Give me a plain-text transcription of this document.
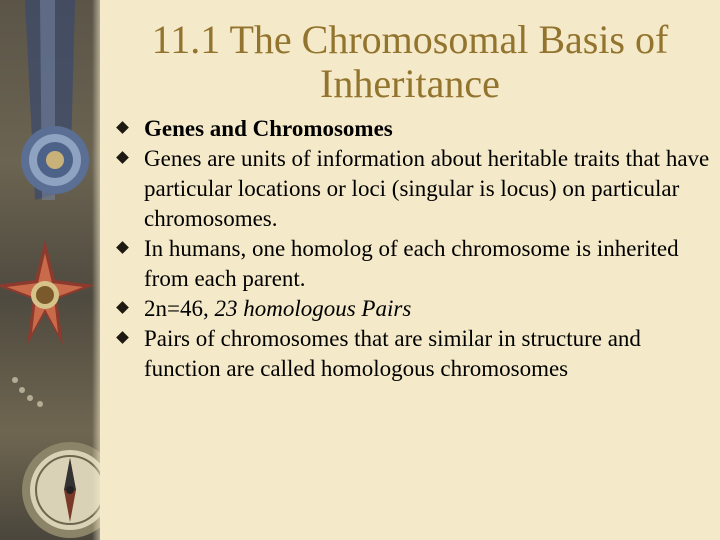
11.1 The Chromosomal Basis of Inheritance
Genes and Chromosomes
Genes are units of information about heritable traits that have particular locations or loci (singular is locus) on particular chromosomes.
In humans, one homolog of each chromosome is inherited from each parent.
2n=46, 23 homologous Pairs
Pairs of chromosomes that are similar in structure and function are called homologous chromosomes
